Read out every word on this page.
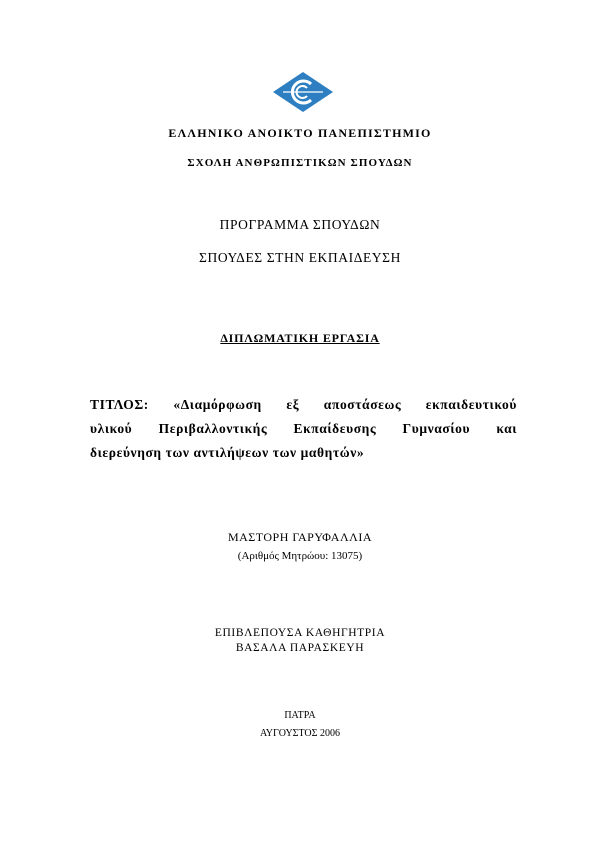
ΕΛΛΗΝΙΚΟ ΑΝΟΙΚΤΟ ΠΑΝΕΠΙΣΤΗΜΙΟ
ΣΧΟΛΗ ΑΝΘΡΩΠΙΣΤΙΚΩΝ ΣΠΟΥΔΩΝ
ΠΡΟΓΡΑΜΜΑ ΣΠΟΥΔΩΝ
ΣΠΟΥΔΕΣ ΣΤΗΝ ΕΚΠΑΙΔΕΥΣΗ
ΔΙΠΛΩΜΑΤΙΚΗ ΕΡΓΑΣΙΑ
ΤΙΤΛΟΣ: «Διαμόρφωση εξ αποστάσεως εκπαιδευτικού
υλικού Περιβαλλοντικής Εκπαίδευσης Γυμνασίου και
διερεύνηση των αντιλήψεων των μαθητών»
ΜΑΣΤΟΡΗ ΓΑΡΥΦΑΛΛΙΑ
(Αριθμός Μητρώου: 13075)
ΕΠΙΒΛΕΠΟΥΣΑ ΚΑΘΗΓΗΤΡΙΑ
ΒΑΣΑΛΑ ΠΑΡΑΣΚΕΥΗ
ΠΑΤΡΑ
ΑΥΓΟΥΣΤΟΣ 2006
